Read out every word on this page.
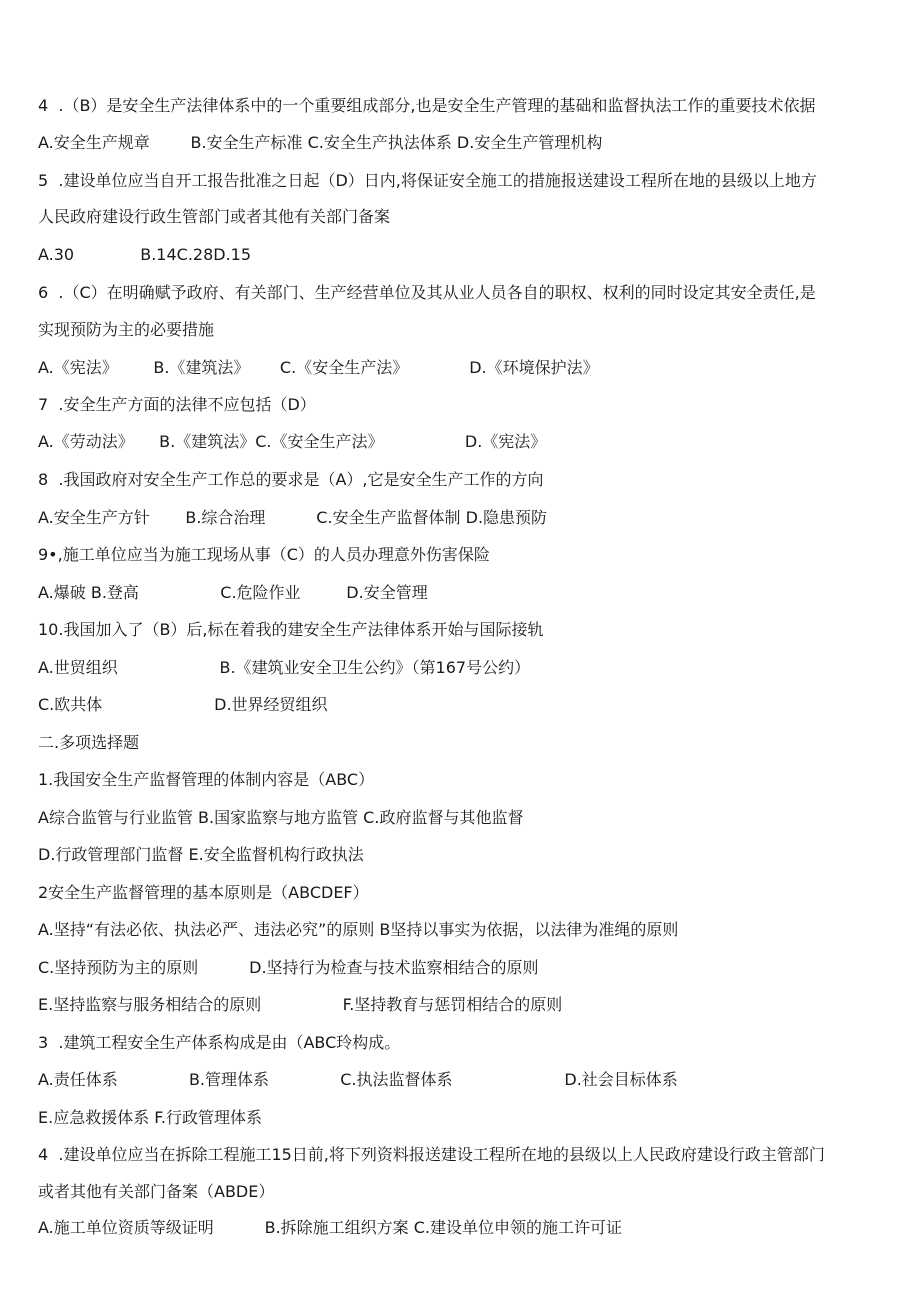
4  .（B）是安全生产法律体系中的一个重要组成部分,也是安全生产管理的基础和监督执法工作的重要技术依据
A.安全生产规章        B.安全生产标准 C.安全生产执法体系 D.安全生产管理机构
5  .建设单位应当自开工报告批准之日起（D）日内,将保证安全施工的措施报送建设工程所在地的县级以上地方
人民政府建设行政生管部门或者其他有关部门备案
A.30             B.14C.28D.15
6  .（C）在明确赋予政府、有关部门、生产经营单位及其从业人员各自的职权、权利的同时设定其安全责任,是
实现预防为主的必要措施
A.《宪法》       B.《建筑法》      C.《安全生产法》            D.《环境保护法》
7  .安全生产方面的法律不应包括（D）
A.《劳动法》     B.《建筑法》C.《安全生产法》                D.《宪法》
8  .我国政府对安全生产工作总的要求是（A）,它是安全生产工作的方向
A.安全生产方针       B.综合治理          C.安全生产监督体制 D.隐患预防
9•,施工单位应当为施工现场从事（C）的人员办理意外伤害保险
A.爆破 B.登高                C.危险作业         D.安全管理
10.我国加入了（B）后,标在着我的建安全生产法律体系开始与国际接轨
A.世贸组织                    B.《建筑业安全卫生公约》（第167号公约）
C.欧共体                      D.世界经贸组织
二.多项选择题
1.我国安全生产监督管理的体制内容是（ABC）
A综合监管与行业监管 B.国家监察与地方监管 C.政府监督与其他监督
D.行政管理部门监督 E.安全监督机构行政执法
2安全生产监督管理的基本原则是（ABCDEF）
A.坚持“有法必依、执法必严、违法必究”的原则 B坚持以事实为依据，以法律为准绳的原则
C.坚持预防为主的原则          D.坚持行为检查与技术监察相结合的原则
E.坚持监察与服务相结合的原则                F.坚持教育与惩罚相结合的原则
3  .建筑工程安全生产体系构成是由（ABC玲构成。
A.责任体系              B.管理体系              C.执法监督体系                      D.社会目标体系
E.应急救援体系 F.行政管理体系
4  .建设单位应当在拆除工程施工15日前,将下列资料报送建设工程所在地的县级以上人民政府建设行政主管部门
或者其他有关部门备案（ABDE）
A.施工单位资质等级证明          B.拆除施工组织方案 C.建设单位申领的施工许可证
